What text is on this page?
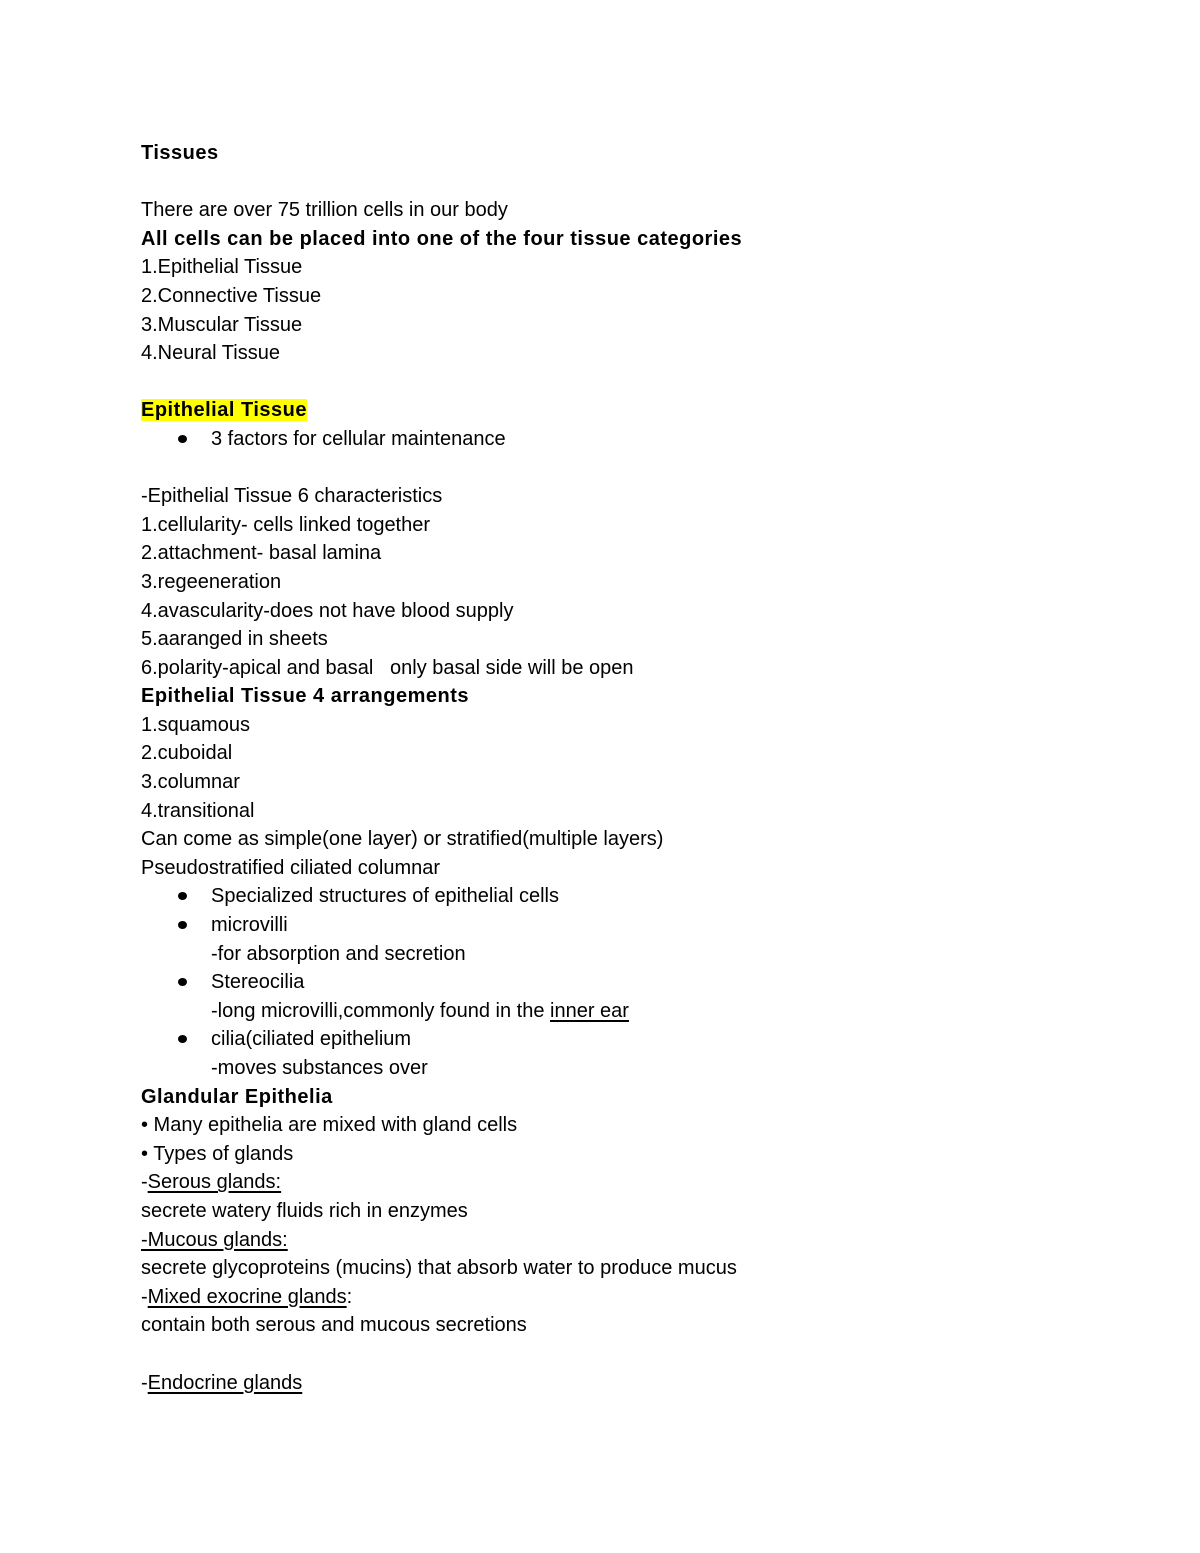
Tissues
There are over 75 trillion cells in our body
All cells can be placed into one of the four tissue categories
1.Epithelial Tissue
2.Connective Tissue
3.Muscular Tissue
4.Neural Tissue
Epithelial Tissue
3 factors for cellular maintenance
-Epithelial Tissue 6 characteristics
1.cellularity- cells linked together
2.attachment- basal lamina
3.regeeneration
4.avascularity-does not have blood supply
5.aaranged in sheets
6.polarity-apical and basal   only basal side will be open
Epithelial Tissue 4 arrangements
1.squamous
2.cuboidal
3.columnar
4.transitional
Can come as simple(one layer) or stratified(multiple layers)
Pseudostratified ciliated columnar
Specialized structures of epithelial cells
microvilli
-for absorption and secretion
Stereocilia
-long microvilli,commonly found in the inner ear
cilia(ciliated epithelium
-moves substances over
Glandular Epithelia
• Many epithelia are mixed with gland cells
• Types of glands
-Serous glands:
secrete watery fluids rich in enzymes
-Mucous glands:
secrete glycoproteins (mucins) that absorb water to produce mucus
-Mixed exocrine glands:
contain both serous and mucous secretions
-Endocrine glands
